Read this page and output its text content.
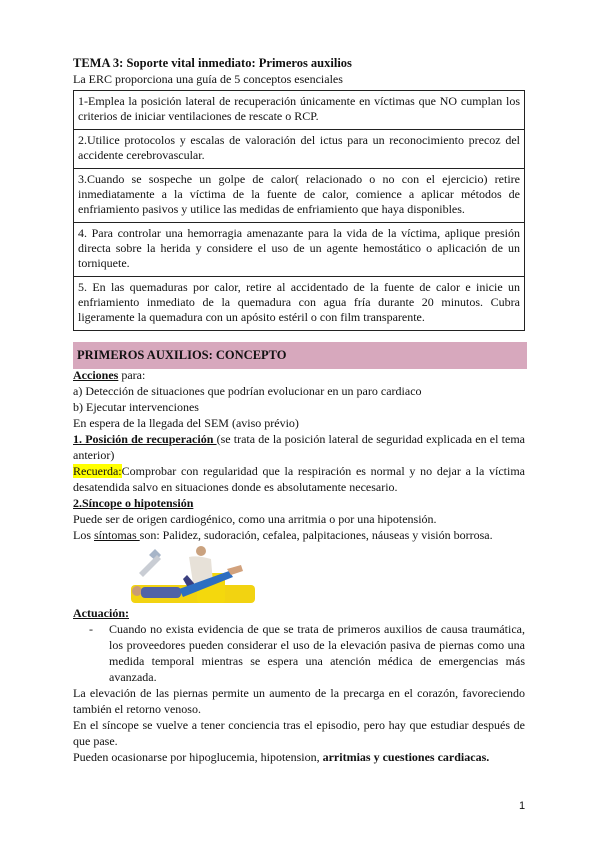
TEMA 3: Soporte vital inmediato: Primeros auxilios
La ERC proporciona una guía de 5 conceptos esenciales
1-Emplea la posición lateral de recuperación únicamente en víctimas que NO cumplan los criterios de iniciar ventilaciones de rescate o RCP.
2.Utilice protocolos y escalas de valoración del ictus para un reconocimiento precoz del accidente cerebrovascular.
3.Cuando se sospeche un golpe de calor( relacionado o no con el ejercicio) retire inmediatamente a la víctima de la fuente de calor, comience a aplicar métodos de enfriamiento pasivos y utilice las medidas de enfriamiento que haya disponibles.
4. Para controlar una hemorragia amenazante para la vida de la víctima, aplique presión directa sobre la herida y considere el uso de un agente hemostático o aplicación de un torniquete.
5. En las quemaduras por calor, retire al accidentado de la fuente de calor e inicie un enfriamiento inmediato de la quemadura con agua fría durante 20 minutos. Cubra ligeramente la quemadura con un apósito estéril o con film transparente.
PRIMEROS AUXILIOS: CONCEPTO

Acciones para:

a) Detección de situaciones que podrían evolucionar en un paro cardiaco

b) Ejecutar intervenciones

En espera de la llegada del SEM (aviso prévio)

1. Posición de recuperación (se trata de la posición lateral de seguridad explicada en el tema anterior)

Recuerda:Comprobar con regularidad que la respiración es normal y no dejar a la víctima desatendida salvo en situaciones donde es absolutamente necesario.

2.Síncope o hipotensión

Puede ser de origen cardiogénico, como una arritmia o por una hipotensión.

Los síntomas son: Palidez, sudoración, cefalea, palpitaciones, náuseas y visión borrosa.

Actuación:

- Cuando no exista evidencia de que se trata de primeros auxilios de causa traumática, los proveedores pueden considerar el uso de la elevación pasiva de piernas como una medida temporal mientras se espera una atención médica de emergencias más avanzada.

La elevación de las piernas permite un aumento de la precarga en el corazón, favoreciendo también el retorno venoso.

En el síncope se vuelve a tener conciencia tras el episodio, pero hay que estudiar después de que pase.

Pueden ocasionarse por hipoglucemia, hipotension, arritmias y cuestiones cardiacas.

1
